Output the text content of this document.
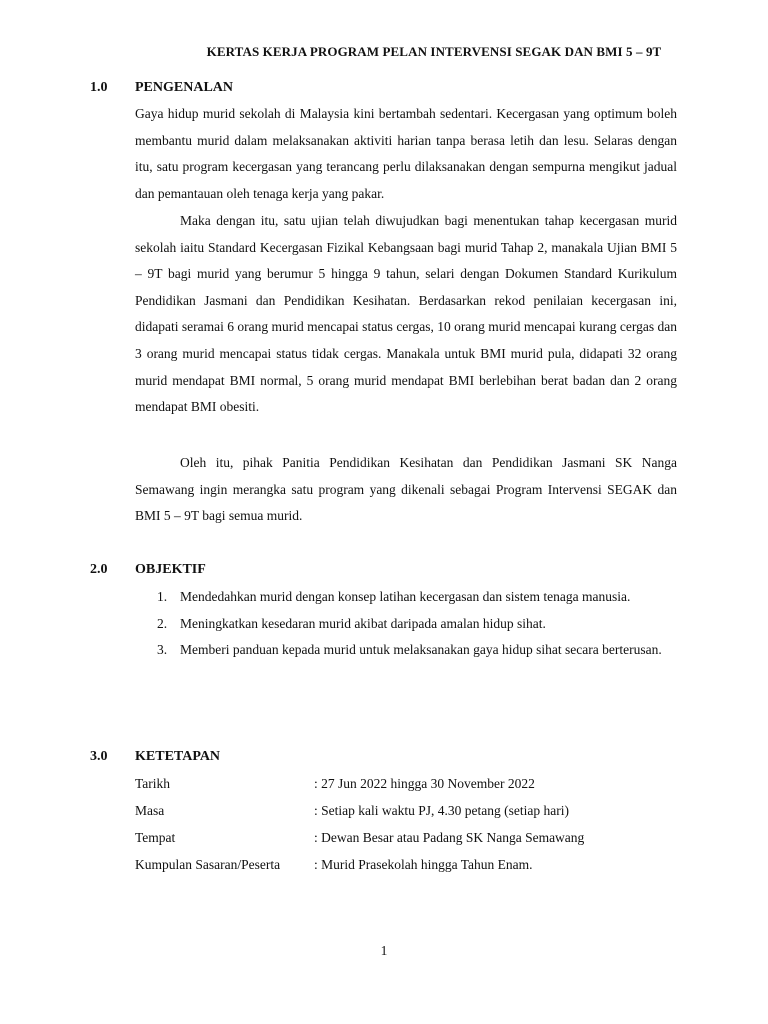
KERTAS KERJA PROGRAM PELAN INTERVENSI SEGAK DAN BMI 5 – 9T
1.0 PENGENALAN

Gaya hidup murid sekolah di Malaysia kini bertambah sedentari. Kecergasan yang optimum boleh membantu murid dalam melaksanakan aktiviti harian tanpa berasa letih dan lesu. Selaras dengan itu, satu program kecergasan yang terancang perlu dilaksanakan dengan sempurna mengikut jadual dan pemantauan oleh tenaga kerja yang pakar.

Maka dengan itu, satu ujian telah diwujudkan bagi menentukan tahap kecergasan murid sekolah iaitu Standard Kecergasan Fizikal Kebangsaan bagi murid Tahap 2, manakala Ujian BMI 5 – 9T bagi murid yang berumur 5 hingga 9 tahun, selari dengan Dokumen Standard Kurikulum Pendidikan Jasmani dan Pendidikan Kesihatan. Berdasarkan rekod penilaian kecergasan ini, didapati seramai 6 orang murid mencapai status cergas, 10 orang murid mencapai kurang cergas dan 3 orang murid mencapai status tidak cergas. Manakala untuk BMI murid pula, didapati 32 orang murid mendapat BMI normal, 5 orang murid mendapat BMI berlebihan berat badan dan 2 orang mendapat BMI obesiti.

Oleh itu, pihak Panitia Pendidikan Kesihatan dan Pendidikan Jasmani SK Nanga Semawang ingin merangka satu program yang dikenali sebagai Program Intervensi SEGAK dan BMI 5 – 9T bagi semua murid.

2.0 OBJEKTIF
1. Mendedahkan murid dengan konsep latihan kecergasan dan sistem tenaga manusia.
2. Meningkatkan kesedaran murid akibat daripada amalan hidup sihat.
3. Memberi panduan kepada murid untuk melaksanakan gaya hidup sihat secara berterusan.
3.0 KETETAPAN
Tarikh	: 27 Jun 2022 hingga 30 November 2022
Masa	: Setiap kali waktu PJ, 4.30 petang (setiap hari)
Tempat	: Dewan Besar atau Padang SK Nanga Semawang
Kumpulan Sasaran/Peserta	: Murid Prasekolah hingga Tahun Enam.
1
